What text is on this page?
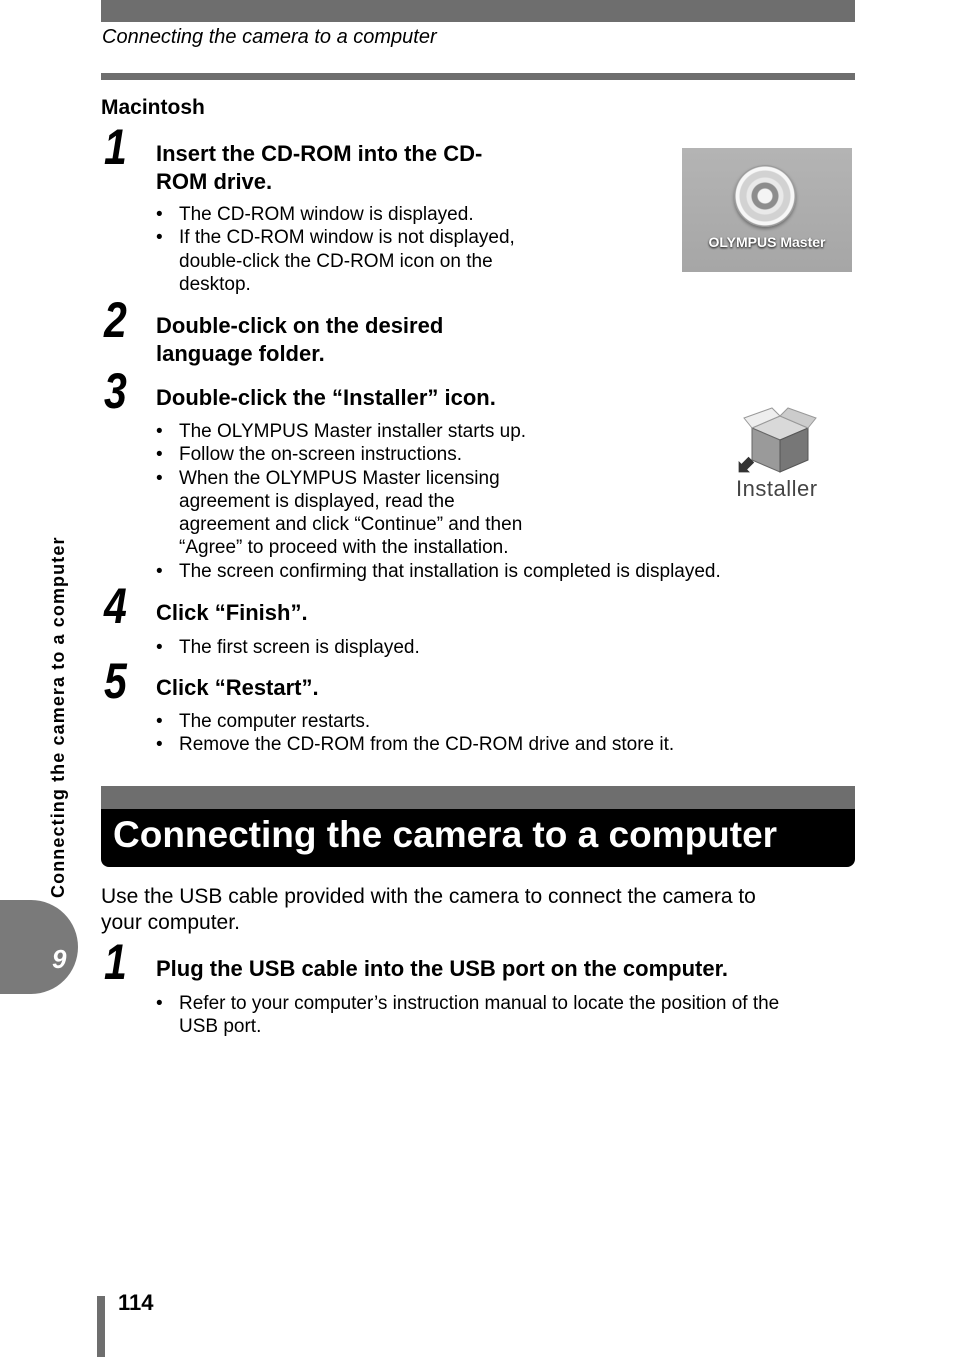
Connecting the camera to a computer
Connecting the camera to a computer
9
Macintosh
1 Insert the CD-ROM into the CD-
ROM drive.
• The CD-ROM window is displayed.
• If the CD-ROM window is not displayed,
double-click the CD-ROM icon on the
desktop.
OLYMPUS Master
2 Double-click on the desired
language folder.
3 Double-click the “Installer” icon.
• The OLYMPUS Master installer starts up.
• Follow the on-screen instructions.
• When the OLYMPUS Master licensing
agreement is displayed, read the
agreement and click “Continue” and then
“Agree” to proceed with the installation.
• The screen confirming that installation is completed is displayed.
Installer
4 Click “Finish”.
• The first screen is displayed.
5 Click “Restart”.
• The computer restarts.
• Remove the CD-ROM from the CD-ROM drive and store it.
Connecting the camera to a computer
Use the USB cable provided with the camera to connect the camera to
your computer.
1 Plug the USB cable into the USB port on the computer.
• Refer to your computer’s instruction manual to locate the position of the
USB port.
114
